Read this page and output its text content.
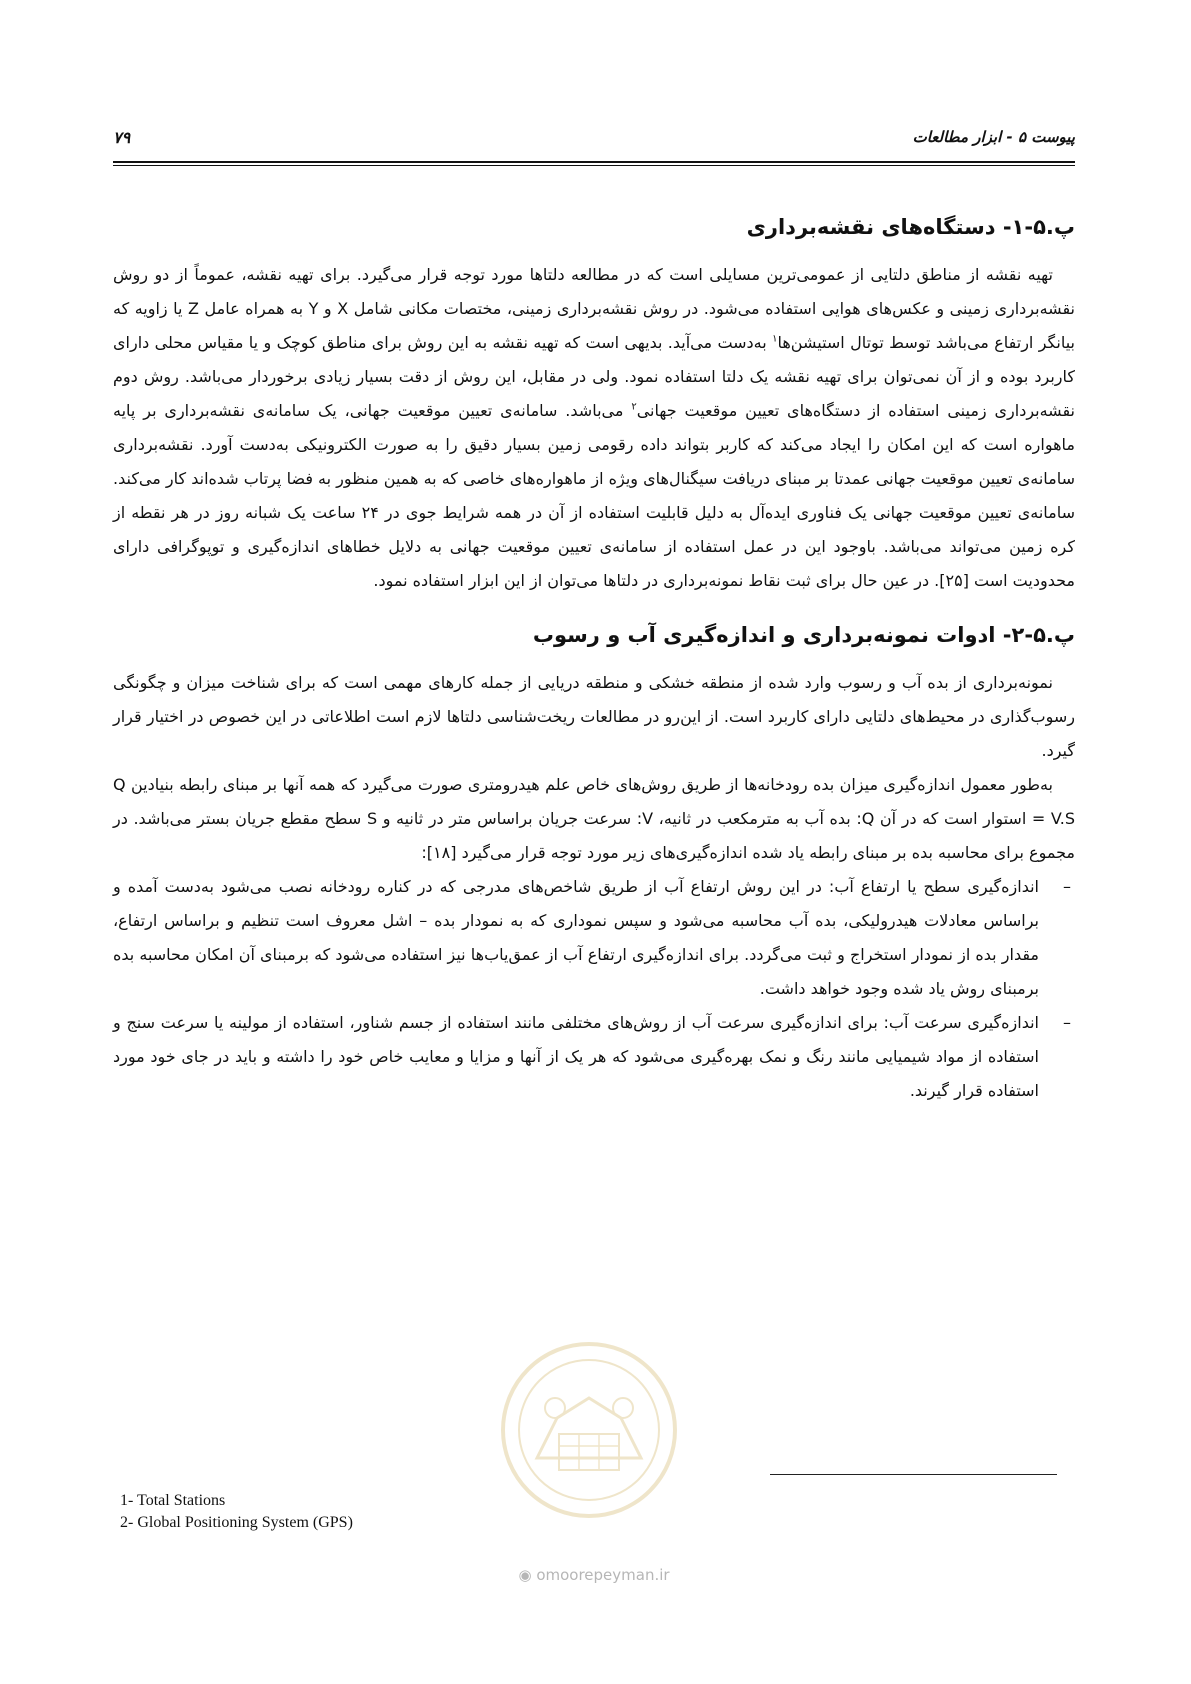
پیوست ۵ - ابزار مطالعات
۷۹
پ.۵-۱- دستگاه‌های نقشه‌برداری

تهیه نقشه از مناطق دلتایی از عمومی‌ترین مسایلی است که در مطالعه دلتاها مورد توجه قرار می‌گیرد. برای تهیه نقشه، عموماً از دو روش نقشه‌برداری زمینی و عکس‌های هوایی استفاده می‌شود. در روش نقشه‌برداری زمینی، مختصات مکانی شامل X و Y به همراه عامل Z یا زاویه که بیانگر ارتفاع می‌باشد توسط توتال استیشن‌ها$^۱$ به‌دست می‌آید. بدیهی است که تهیه نقشه به این روش برای مناطق کوچک و یا مقیاس محلی دارای کاربرد بوده و از آن نمی‌توان برای تهیه نقشه یک دلتا استفاده نمود. ولی در مقابل، این روش از دقت بسیار زیادی برخوردار می‌باشد. روش دوم نقشه‌برداری زمینی استفاده از دستگاه‌های تعیین موقعیت جهانی$^۲$ می‌باشد. سامانه‌ی تعیین موقعیت جهانی، یک سامانه‌ی نقشه‌برداری بر پایه ماهواره است که این امکان را ایجاد می‌کند که کاربر بتواند داده رقومی زمین بسیار دقیق را به صورت الکترونیکی به‌دست آورد. نقشه‌برداری سامانه‌ی تعیین موقعیت جهانی عمدتا بر مبنای دریافت سیگنال‌های ویژه از ماهواره‌های خاصی که به همین منظور به فضا پرتاب شده‌اند کار می‌کند. سامانه‌ی تعیین موقعیت جهانی یک فناوری ایده‌آل به دلیل قابلیت استفاده از آن در همه شرایط جوی در ۲۴ ساعت یک شبانه روز در هر نقطه از کره زمین می‌تواند می‌باشد. باوجود این در عمل استفاده از سامانه‌ی تعیین موقعیت جهانی به دلایل خطاهای اندازه‌گیری و توپوگرافی دارای محدودیت است [۲۵]. در عین حال برای ثبت نقاط نمونه‌برداری در دلتاها می‌توان از این ابزار استفاده نمود.

پ.۵-۲- ادوات نمونه‌برداری و اندازه‌گیری آب و رسوب

نمونه‌برداری از بده آب و رسوب وارد شده از منطقه خشکی و منطقه دریایی از جمله کارهای مهمی است که برای شناخت میزان و چگونگی رسوب‌گذاری در محیط‌های دلتایی دارای کاربرد است. از این‌رو در مطالعات ریخت‌شناسی دلتاها لازم است اطلاعاتی در این خصوص در اختیار قرار گیرد.

به‌طور معمول اندازه‌گیری میزان بده رودخانه‌ها از طریق روش‌های خاص علم هیدرومتری صورت می‌گیرد که همه آنها بر مبنای رابطه بنیادین Q = V.S استوار است که در آن Q: بده آب به مترمکعب در ثانیه، V: سرعت جریان براساس متر در ثانیه و S سطح مقطع جریان بستر می‌باشد. در مجموع برای محاسبه بده بر مبنای رابطه یاد شده اندازه‌گیری‌های زیر مورد توجه قرار می‌گیرد [۱۸]:

– اندازه‌گیری سطح یا ارتفاع آب: در این روش ارتفاع آب از طریق شاخص‌های مدرجی که در کناره رودخانه نصب می‌شود به‌دست آمده و براساس معادلات هیدرولیکی، بده آب محاسبه می‌شود و سپس نموداری که به نمودار بده – اشل معروف است تنظیم و براساس ارتفاع، مقدار بده از نمودار استخراج و ثبت می‌گردد. برای اندازه‌گیری ارتفاع آب از عمق‌یاب‌ها نیز استفاده می‌شود که برمبنای آن امکان محاسبه بده برمبنای روش یاد شده وجود خواهد داشت.
– اندازه‌گیری سرعت آب: برای اندازه‌گیری سرعت آب از روش‌های مختلفی مانند استفاده از جسم شناور، استفاده از مولینه یا سرعت سنج و استفاده از مواد شیمیایی مانند رنگ و نمک بهره‌گیری می‌شود که هر یک از آنها و مزایا و معایب خاص خود را داشته و باید در جای خود مورد استفاده قرار گیرند.
1- Total Stations
2- Global Positioning System (GPS)
◉ omoorepeyman.ir
